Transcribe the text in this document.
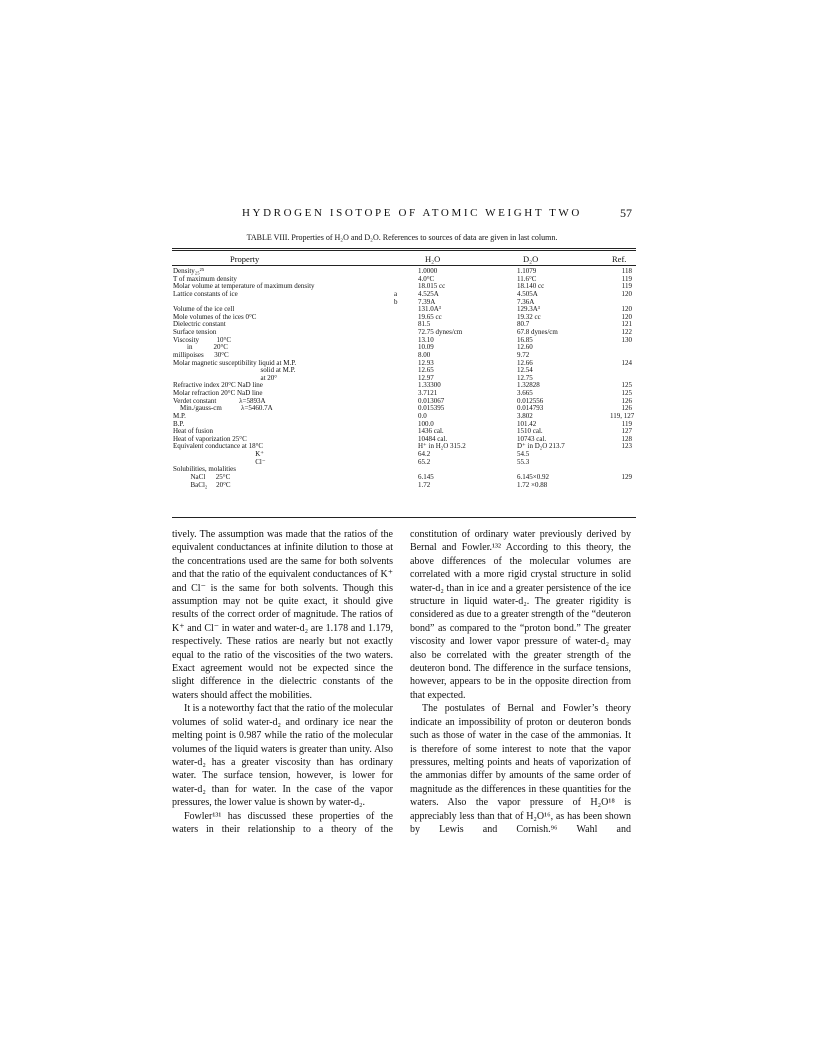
HYDROGEN ISOTOPE OF ATOMIC WEIGHT TWO	57
TABLE VIII. Properties of H₂O and D₂O. References to sources of data are given in last column.
Property	H₂O	D₂O	Ref.
Density₂₅²⁵	1.0000	1.1079	118
T of maximum density	4.0°C	11.6°C	119
Molar volume at temperature of maximum density	18.015 cc	18.140 cc	119
Lattice constants of ice	a	4.525A	4.505A	120
b	7.39A	7.36A
Volume of the ice cell	131.0A³	129.3A³	120
Mole volumes of the ices 0°C	19.65 cc	19.32 cc	120
Dielectric constant	81.5	80.7	121
Surface tension	72.75 dynes/cm	67.8 dynes/cm	122
Viscosity          10°C	13.10	16.85	130
in            20°C	10.09	12.60
millipoises      30°C	8.00	9.72
Molar magnetic susceptibility liquid at M.P.	12.93	12.66	124
solid at M.P.	12.65	12.54
at 20°	12.97	12.75
Refractive index 20°C NaD line	1.33300	1.32828	125
Molar refraction 20°C NaD line	3.7121	3.665	125
Verdet constant             λ=5893A	0.013067	0.012556	126
Min./gauss-cm           λ=5460.7A	0.015395	0.014793	126
M.P.	0.0	3.802	119, 127
B.P.	100.0	101.42	119
Heat of fusion	1436 cal.	1510 cal.	127
Heat of vaporization 25°C	10484 cal.	10743 cal.	128
Equivalent conductance at 18°C	H⁺ in H₂O 315.2	D⁺ in D₂O 213.7	123
K⁺	64.2	54.5
Cl⁻	65.2	55.3
Solubilities, molalities
NaCl      25°C	6.145	6.145×0.92	129
BaCl₂     20°C	1.72	1.72 ×0.88

tively. The assumption was made that the ratios of the equivalent conductances at infinite dilution to those at the concentrations used are the same for both solvents and that the ratio of the equivalent conductances of K⁺ and Cl⁻ is the same for both solvents. Though this assumption may not be quite exact, it should give results of the correct order of magnitude. The ratios of K⁺ and Cl⁻ in water and water-d₂ are 1.178 and 1.179, respectively. These ratios are nearly but not exactly equal to the ratio of the viscosities of the two waters. Exact agreement would not be expected since the slight difference in the dielectric constants of the waters should affect the mobilities.

It is a noteworthy fact that the ratio of the molecular volumes of solid water-d₂ and ordinary ice near the melting point is 0.987 while the ratio of the molecular volumes of the liquid waters is greater than unity. Also water-d₂ has a greater viscosity than has ordinary water. The surface tension, however, is lower for water-d₂ than for water. In the case of the vapor pressures, the lower value is shown by water-d₂.

Fowler¹³¹ has discussed these properties of the waters in their relationship to a theory of the

constitution of ordinary water previously derived by Bernal and Fowler.¹³² According to this theory, the above differences of the molecular volumes are correlated with a more rigid crystal structure in solid water-d₂ than in ice and a greater persistence of the ice structure in liquid water-d₂. The greater rigidity is considered as due to a greater strength of the “deuteron bond” as compared to the “proton bond.” The greater viscosity and lower vapor pressure of water-d₂ may also be correlated with the greater strength of the deuteron bond. The difference in the surface tensions, however, appears to be in the opposite direction from that expected.

The postulates of Bernal and Fowler’s theory indicate an impossibility of proton or deuteron bonds such as those of water in the case of the ammonias. It is therefore of some interest to note that the vapor pressures, melting points and heats of vaporization of the ammonias differ by amounts of the same order of magnitude as the differences in these quantities for the waters. Also the vapor pressure of H₂O¹⁸ is appreciably less than that of H₂O¹⁶, as has been shown by Lewis and Cornish.⁹⁶ Wahl and
